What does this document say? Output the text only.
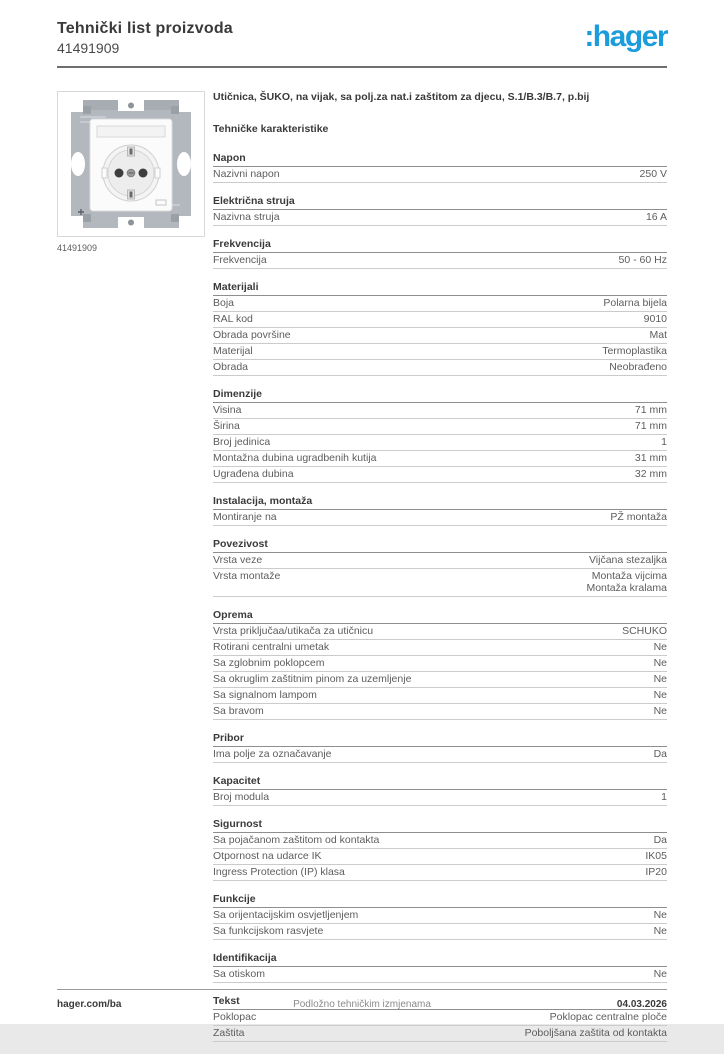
Tehnički list proizvoda
41491909	:hager
41491909
Utičnica, ŠUKO, na vijak, sa polj.za nat.i zaštitom za djecu, S.1/B.3/B.7, p.bij
Tehničke karakteristike
Napon
Nazivni napon	250 V
Električna struja
Nazivna struja	16 A
Frekvencija
Frekvencija	50 - 60 Hz
Materijali
Boja	Polarna bijela
RAL kod	9010
Obrada površine	Mat
Materijal	Termoplastika
Obrada	Neobrađeno
Dimenzije
Visina	71 mm
Širina	71 mm
Broj jedinica	1
Montažna dubina ugradbenih kutija	31 mm
Ugrađena dubina	32 mm
Instalacija, montaža
Montiranje na	PŽ montaža
Povezivost
Vrsta veze	Vijčana stezaljka
Vrsta montaže	Montaža vijcima
Montaža kralama
Oprema
Vrsta priključaa/utikača za utičnicu	SCHUKO
Rotirani centralni umetak	Ne
Sa zglobnim poklopcem	Ne
Sa okruglim zaštitnim pinom za uzemljenje	Ne
Sa signalnom lampom	Ne
Sa bravom	Ne
Pribor
Ima polje za označavanje	Da
Kapacitet
Broj modula	1
Sigurnost
Sa pojačanom zaštitom od kontakta	Da
Otpornost na udarce IK	IK05
Ingress Protection (IP) klasa	IP20
Funkcije
Sa orijentacijskim osvjetljenjem	Ne
Sa funkcijskom rasvjete	Ne
Identifikacija
Sa otiskom	Ne
Tekst
Poklopac	Poklopac centralne ploče
Zaštita	Poboljšana zaštita od kontakta
hager.com/ba	Podložno tehničkim izmjenama	04.03.2026
